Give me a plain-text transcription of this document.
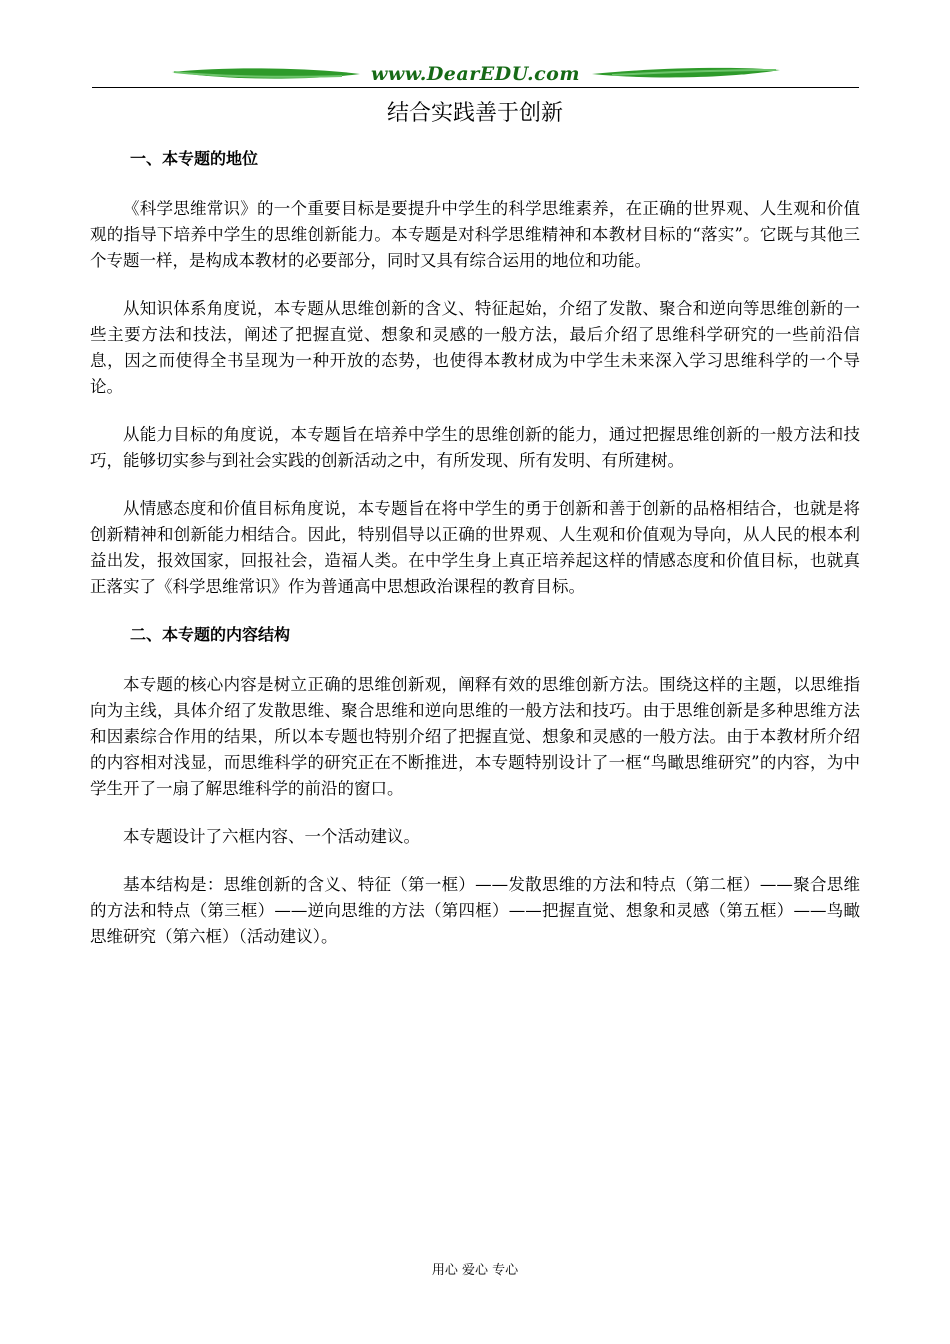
www.DearEDU.com
结合实践善于创新
一、本专题的地位

《科学思维常识》的一个重要目标是要提升中学生的科学思维素养，在正确的世界观、人生观和价值观的指导下培养中学生的思维创新能力。本专题是对科学思维精神和本教材目标的“落实”。它既与其他三个专题一样，是构成本教材的必要部分，同时又具有综合运用的地位和功能。

从知识体系角度说，本专题从思维创新的含义、特征起始，介绍了发散、聚合和逆向等思维创新的一些主要方法和技法，阐述了把握直觉、想象和灵感的一般方法，最后介绍了思维科学研究的一些前沿信息，因之而使得全书呈现为一种开放的态势，也使得本教材成为中学生未来深入学习思维科学的一个导论。

从能力目标的角度说，本专题旨在培养中学生的思维创新的能力，通过把握思维创新的一般方法和技巧，能够切实参与到社会实践的创新活动之中，有所发现、所有发明、有所建树。

从情感态度和价值目标角度说，本专题旨在将中学生的勇于创新和善于创新的品格相结合，也就是将创新精神和创新能力相结合。因此，特别倡导以正确的世界观、人生观和价值观为导向，从人民的根本利益出发，报效国家，回报社会，造福人类。在中学生身上真正培养起这样的情感态度和价值目标，也就真正落实了《科学思维常识》作为普通高中思想政治课程的教育目标。

二、本专题的内容结构

本专题的核心内容是树立正确的思维创新观，阐释有效的思维创新方法。围绕这样的主题，以思维指向为主线，具体介绍了发散思维、聚合思维和逆向思维的一般方法和技巧。由于思维创新是多种思维方法和因素综合作用的结果，所以本专题也特别介绍了把握直觉、想象和灵感的一般方法。由于本教材所介绍的内容相对浅显，而思维科学的研究正在不断推进，本专题特别设计了一框“鸟瞰思维研究”的内容，为中学生开了一扇了解思维科学的前沿的窗口。

本专题设计了六框内容、一个活动建议。

基本结构是：思维创新的含义、特征（第一框）——发散思维的方法和特点（第二框）——聚合思维的方法和特点（第三框）——逆向思维的方法（第四框）——把握直觉、想象和灵感（第五框）——鸟瞰思维研究（第六框）（活动建议）。

用心 爱心 专心
